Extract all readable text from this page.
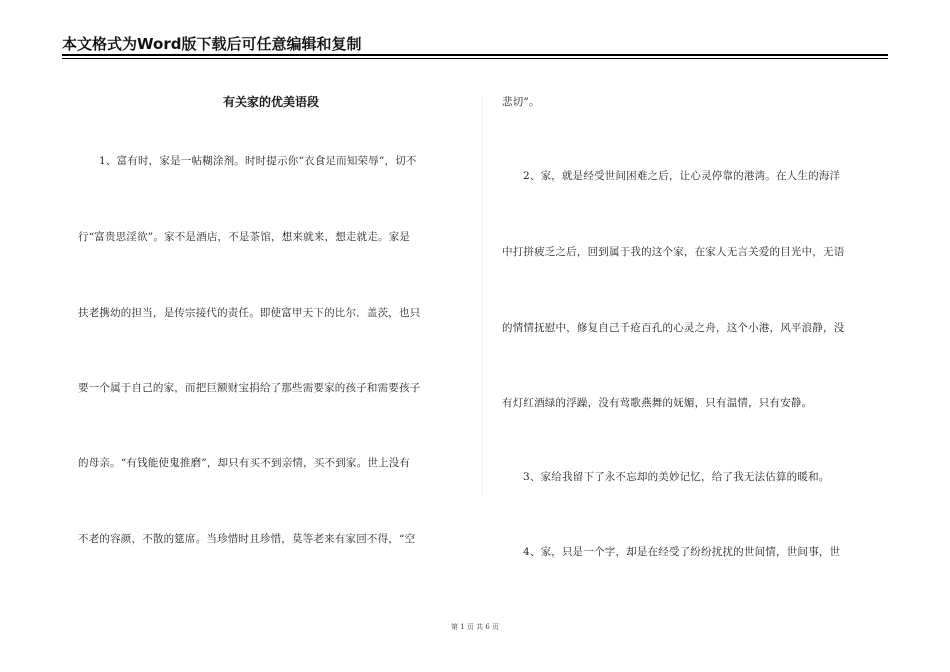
本文格式为Word版下载后可任意编辑和复制
有关家的优美语段
1、富有时，家是一帖糊涂剂。时时提示你“衣食足而知荣辱”，切不
行“富贵思淫欲”。家不是酒店，不是茶馆，想来就来，想走就走。家是
扶老携幼的担当，是传宗接代的责任。即使富甲天下的比尔．盖茨，也只
要一个属于自己的家，而把巨额财宝捐给了那些需要家的孩子和需要孩子
的母亲。“有钱能使鬼推磨”，却只有买不到亲情，买不到家。世上没有
不老的容颜，不散的筵席。当珍惜时且珍惜，莫等老来有家回不得，“空
悲切”。
2、家，就是经受世间困难之后，让心灵停靠的港湾。在人生的海洋
中打拼疲乏之后，回到属于我的这个家，在家人无言关爱的目光中，无语
的情情抚慰中，修复自己千疮百孔的心灵之舟，这个小港，风平浪静，没
有灯红酒绿的浮躁，没有莺歌燕舞的妩媚，只有温情，只有安静。
3、家给我留下了永不忘却的美妙记忆，给了我无法估算的暖和。
4、家，只是一个字，却是在经受了纷纷扰扰的世间情，世间事，世
第 1 页 共 6 页
